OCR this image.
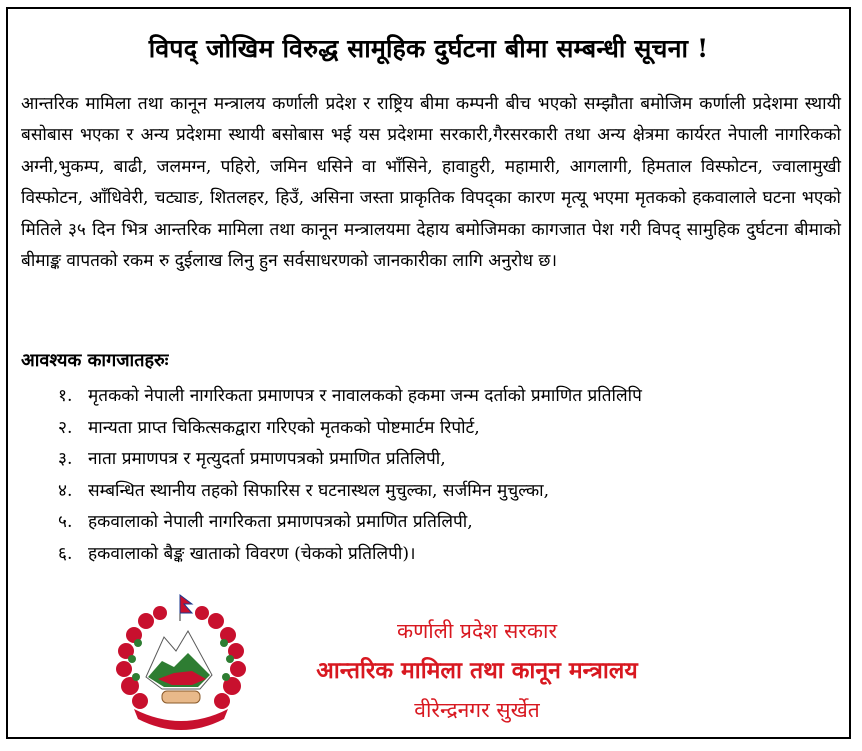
विपद् जोखिम विरुद्ध सामूहिक दुर्घटना बीमा सम्बन्धी सूचना !
आन्तरिक मामिला तथा कानून मन्त्रालय कर्णाली प्रदेश र राष्ट्रिय बीमा कम्पनी बीच भएको सम्झौता बमोजिम कर्णाली प्रदेशमा स्थायी बसोबास भएका र अन्य प्रदेशमा स्थायी बसोबास भई यस प्रदेशमा सरकारी,गैरसरकारी तथा अन्य क्षेत्रमा कार्यरत नेपाली नागरिकको अग्नी,भुकम्प, बाढी, जलमग्न, पहिरो, जमिन धसिने वा भाँसिने, हावाहुरी, महामारी, आगलागी, हिमताल विस्फोटन, ज्वालामुखी विस्फोटन, आँधिवेरी, चट्याङ, शितलहर, हिउँ, असिना जस्ता प्राकृतिक विपद्का कारण मृत्यू भएमा मृतकको हकवालाले घटना भएको मितिले ३५ दिन भित्र आन्तरिक मामिला तथा कानून मन्त्रालयमा देहाय बमोजिमका कागजात पेश गरी विपद् सामुहिक दुर्घटना बीमाको बीमाङ्क वापतको रकम रु दुईलाख लिनु हुन सर्वसाधरणको जानकारीका लागि अनुरोध छ।
आवश्यक कागजातहरुः
१. मृतकको नेपाली नागरिकता प्रमाणपत्र र नावालकको हकमा जन्म दर्ताको प्रमाणित प्रतिलिपि
२. मान्यता प्राप्त चिकित्सकद्वारा गरिएको मृतकको पोष्टमार्टम रिपोर्ट,
३. नाता प्रमाणपत्र र मृत्युदर्ता प्रमाणपत्रको प्रमाणित प्रतिलिपी,
४. सम्बन्धित स्थानीय तहको सिफारिस र घटनास्थल मुचुल्का, सर्जमिन मुचुल्का,
५. हकवालाको नेपाली नागरिकता प्रमाणपत्रको प्रमाणित प्रतिलिपी,
६. हकवालाको बैङ्क खाताको विवरण (चेकको प्रतिलिपी)।
कर्णाली प्रदेश सरकार
आन्तरिक मामिला तथा कानून मन्त्रालय
वीरेन्द्रनगर सुर्खेत
